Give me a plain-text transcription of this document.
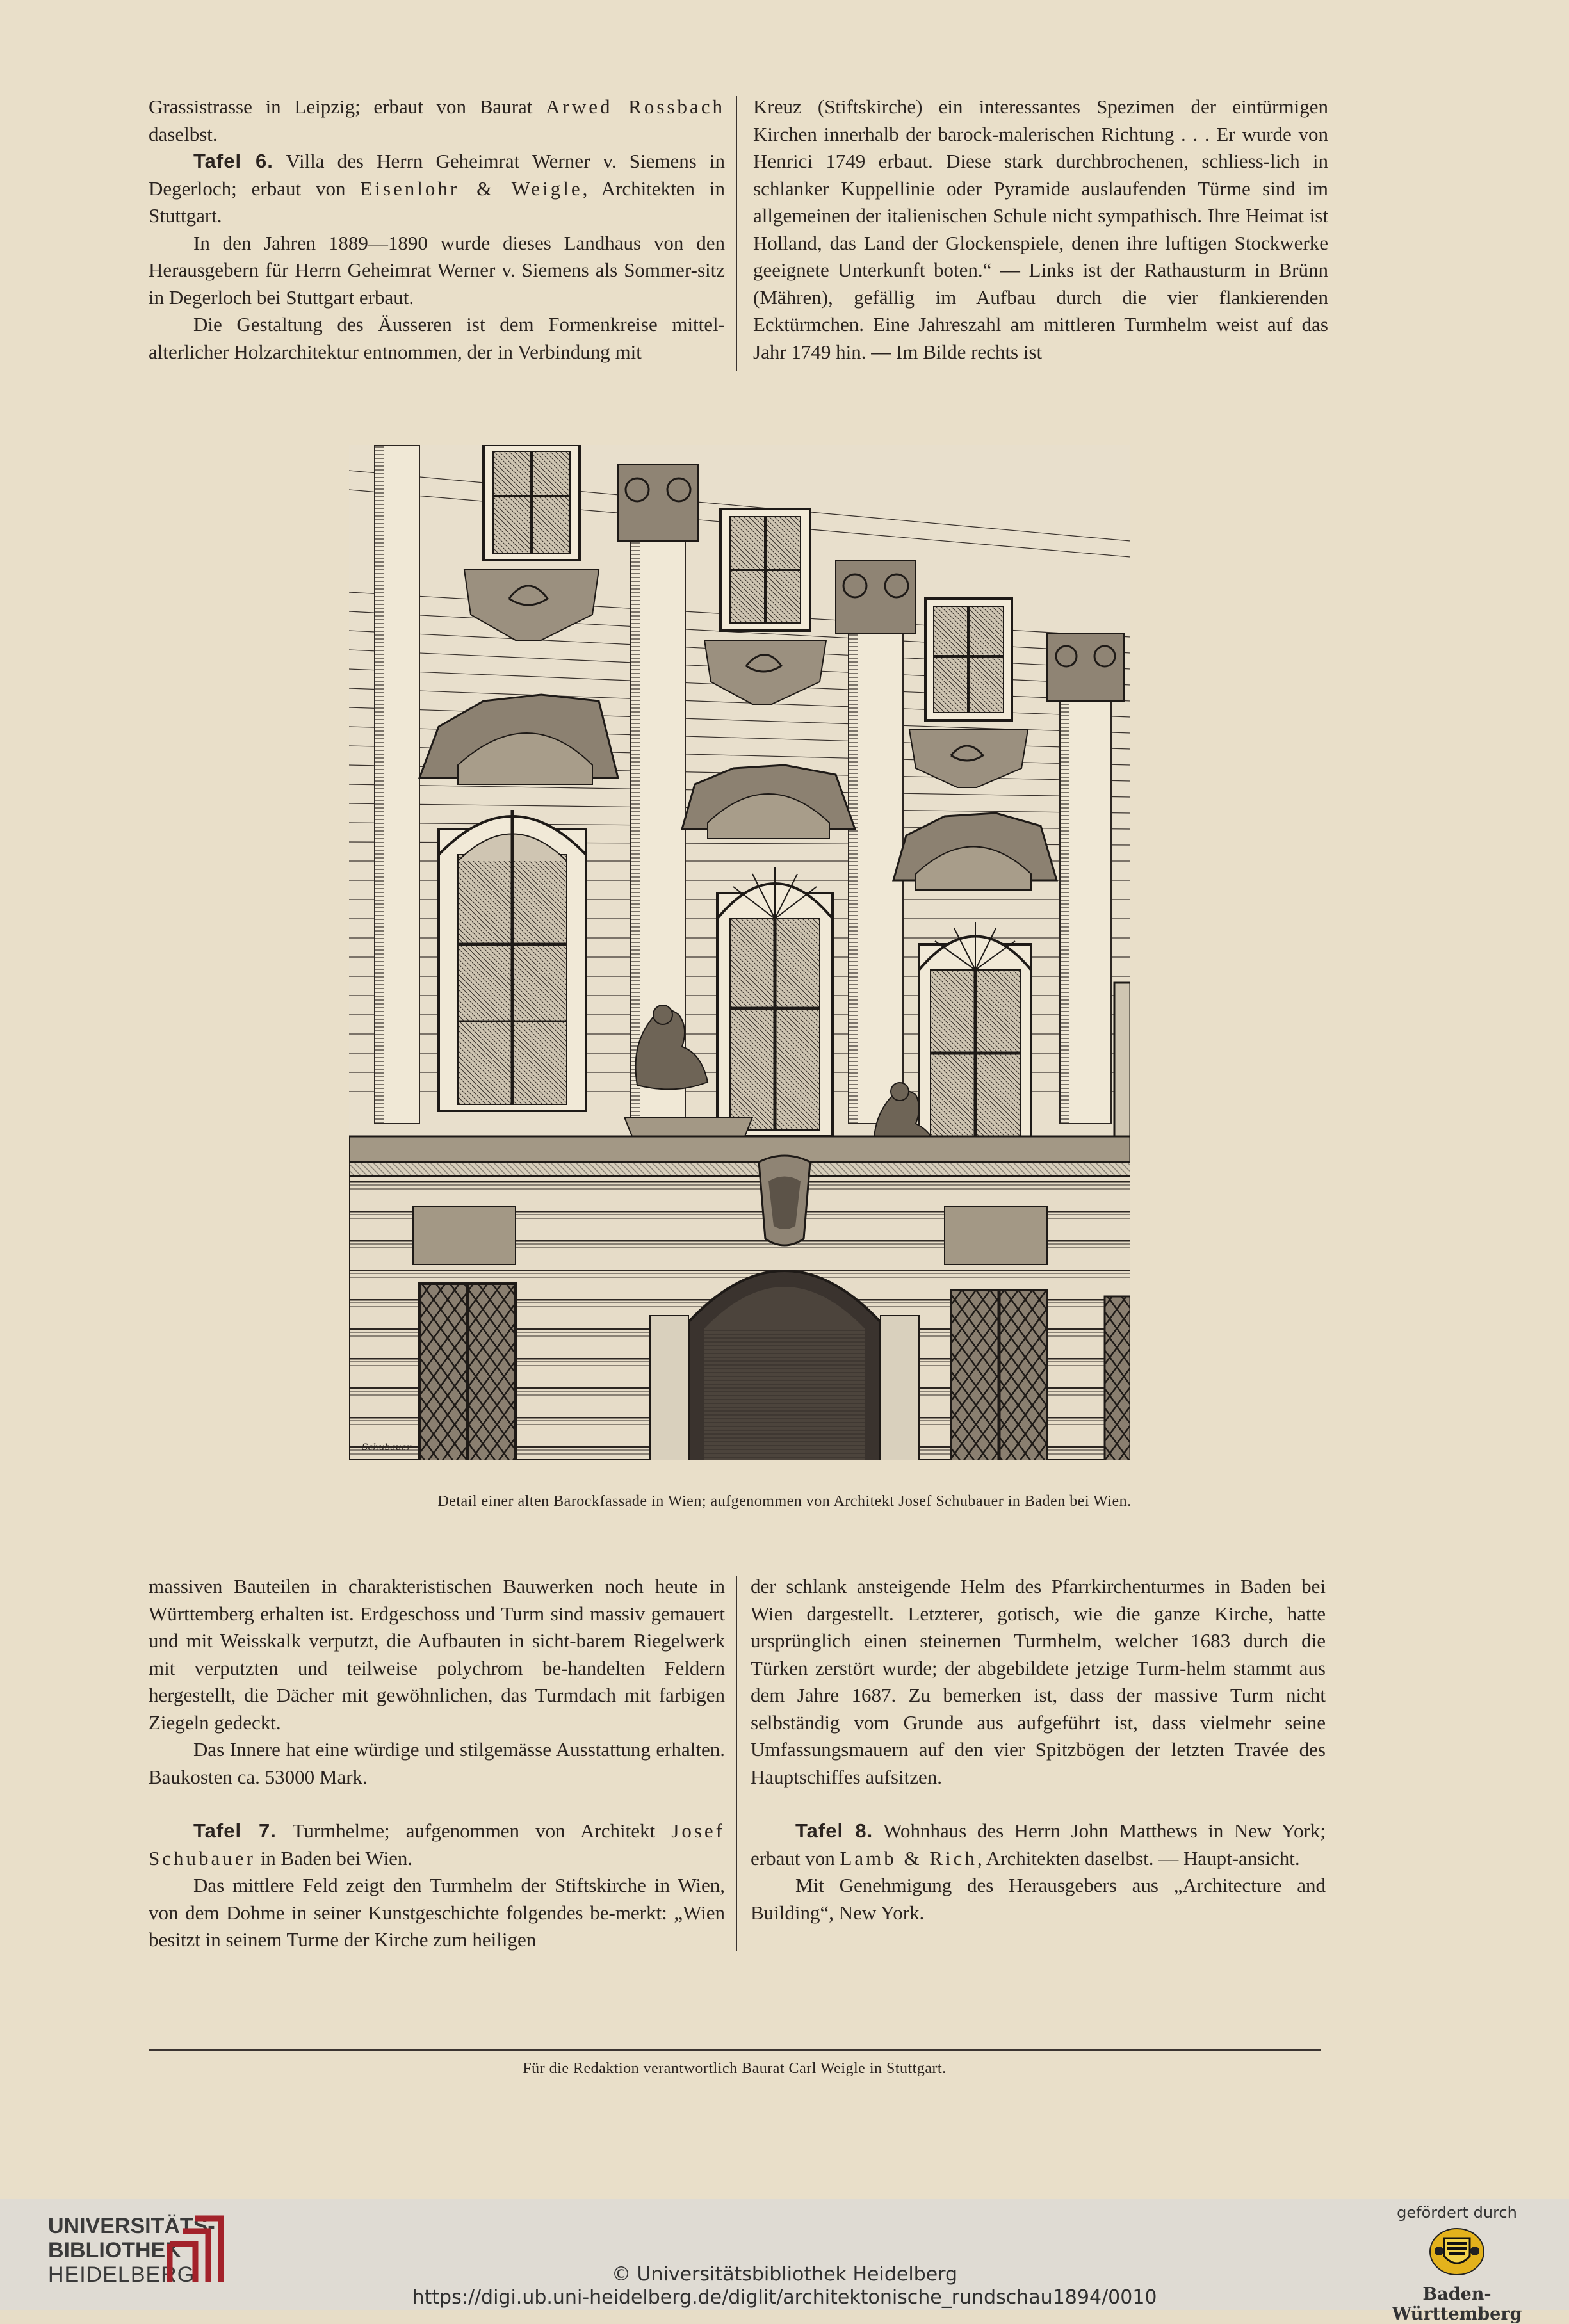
Grassistrasse in Leipzig; erbaut von Baurat Arwed Rossbach daselbst.

Tafel 6. Villa des Herrn Geheimrat Werner v. Siemens in Degerloch; erbaut von Eisenlohr & Weigle, Architekten in Stuttgart.

In den Jahren 1889—1890 wurde dieses Landhaus von den Herausgebern für Herrn Geheimrat Werner v. Siemens als Sommer-sitz in Degerloch bei Stuttgart erbaut.

Die Gestaltung des Äusseren ist dem Formenkreise mittel-alterlicher Holzarchitektur entnommen, der in Verbindung mit

Kreuz (Stiftskirche) ein interessantes Spezimen der eintürmigen Kirchen innerhalb der barock-malerischen Richtung . . . Er wurde von Henrici 1749 erbaut. Diese stark durchbrochenen, schliess-lich in schlanker Kuppellinie oder Pyramide auslaufenden Türme sind im allgemeinen der italienischen Schule nicht sympathisch. Ihre Heimat ist Holland, das Land der Glockenspiele, denen ihre luftigen Stockwerke geeignete Unterkunft boten.“ — Links ist der Rathausturm in Brünn (Mähren), gefällig im Aufbau durch die vier flankierenden Ecktürmchen. Eine Jahreszahl am mittleren Turmhelm weist auf das Jahr 1749 hin. — Im Bilde rechts ist

Schubauer
Detail einer alten Barockfassade in Wien; aufgenommen von Architekt Josef Schubauer in Baden bei Wien.

massiven Bauteilen in charakteristischen Bauwerken noch heute in Württemberg erhalten ist. Erdgeschoss und Turm sind massiv gemauert und mit Weisskalk verputzt, die Aufbauten in sicht-barem Riegelwerk mit verputzten und teilweise polychrom be-handelten Feldern hergestellt, die Dächer mit gewöhnlichen, das Turmdach mit farbigen Ziegeln gedeckt.

Das Innere hat eine würdige und stilgemässe Ausstattung erhalten. Baukosten ca. 53000 Mark.

Tafel 7. Turmhelme; aufgenommen von Architekt Josef Schubauer in Baden bei Wien.

Das mittlere Feld zeigt den Turmhelm der Stiftskirche in Wien, von dem Dohme in seiner Kunstgeschichte folgendes be-merkt: „Wien besitzt in seinem Turme der Kirche zum heiligen

der schlank ansteigende Helm des Pfarrkirchenturmes in Baden bei Wien dargestellt. Letzterer, gotisch, wie die ganze Kirche, hatte ursprünglich einen steinernen Turmhelm, welcher 1683 durch die Türken zerstört wurde; der abgebildete jetzige Turm-helm stammt aus dem Jahre 1687. Zu bemerken ist, dass der massive Turm nicht selbständig vom Grunde aus aufgeführt ist, dass vielmehr seine Umfassungsmauern auf den vier Spitzbögen der letzten Travée des Hauptschiffes aufsitzen.

Tafel 8. Wohnhaus des Herrn John Matthews in New York; erbaut von Lamb & Rich, Architekten daselbst. — Haupt-ansicht.

Mit Genehmigung des Herausgebers aus „Architecture and Building“, New York.

Für die Redaktion verantwortlich Baurat Carl Weigle in Stuttgart.
UNIVERSITÄTS-
BIBLIOTHEK
HEIDELBERG	© Universitätsbibliothek Heidelberg
https://digi.ub.uni-heidelberg.de/diglit/architektonische_rundschau1894/0010
gefördert durch
Baden-Württemberg
